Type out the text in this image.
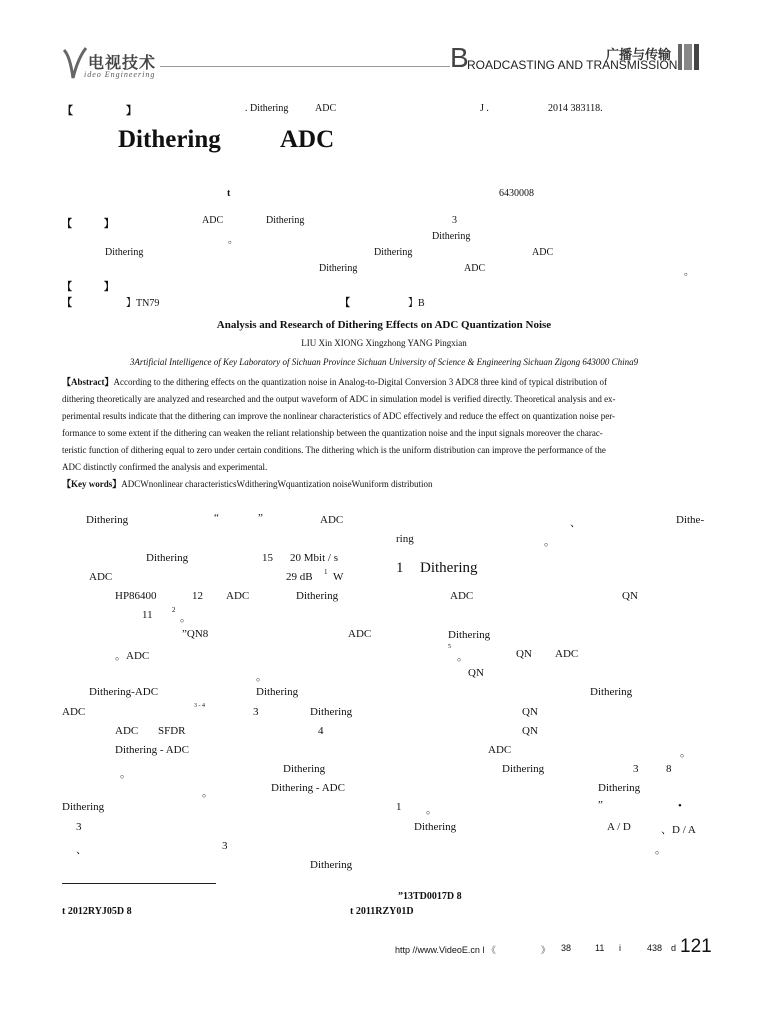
电视技术
ideo Engineering
广播与传输
B
ROADCASTING AND TRANSMISSION
【	】	. Dithering	ADC	J .	2014 383118.
Dithering ADC
t	6430008
【	】	ADC	Dithering	3
。	Dithering
Dithering	Dithering	ADC
Dithering	ADC	。
【	】
【	】TN79	【	】B
Analysis and Research of Dithering Effects on ADC Quantization Noise
LIU Xin XIONG Xingzhong YANG Pingxian
3Artificial Intelligence of Key Laboratory of Sichuan Province Sichuan University of Science & Engineering Sichuan Zigong 643000 China9
【Abstract】According to the dithering effects on the quantization noise in Analog-to-Digital Conversion 3 ADC8 three kind of typical distribution of
dithering theoretically are analyzed and researched and the output waveform of ADC in simulation model is verified directly. Theoretical analysis and ex-
perimental results indicate that the dithering can improve the nonlinear characteristics of ADC effectively and reduce the effect on quantization noise per-
formance to some extent if the dithering can weaken the reliant relationship between the quantization noise and the input signals moreover the charac-
teristic function of dithering equal to zero under certain conditions. The dithering which is the uniform distribution can improve the performance of the
ADC distinctly confirmed the analysis and experimental.
【Key words】ADCWnonlinear characteristicsWditheringWquantization noiseWuniform distribution
Dithering	“	”	ADC
Dithering	15 20 Mbit / s
ADC	29 dB 1 W
HP86400	12 ADC	Dithering
11	2
。
”QN8	ADC
。ADC
。
Dithering-ADC	Dithering
ADC	3 - 4	3	Dithering
ADC SFDR	4
Dithering - ADC
。	Dithering
。	Dithering - ADC
Dithering
3
、	3
Dithering
、	Dithe-
ring	。
1 Dithering
ADC	QN
Dithering
5
。	QN ADC
QN
Dithering
QN
QN
ADC	。
Dithering	3	8
Dithering
1 。	”	•
Dithering	A / D	、D / A
。
”13TD0017D 8
t 2012RYJ05D 8	t 2011RZY01D
http //www.VideoE.cn l 《	》 38	11 i	438 d 121
